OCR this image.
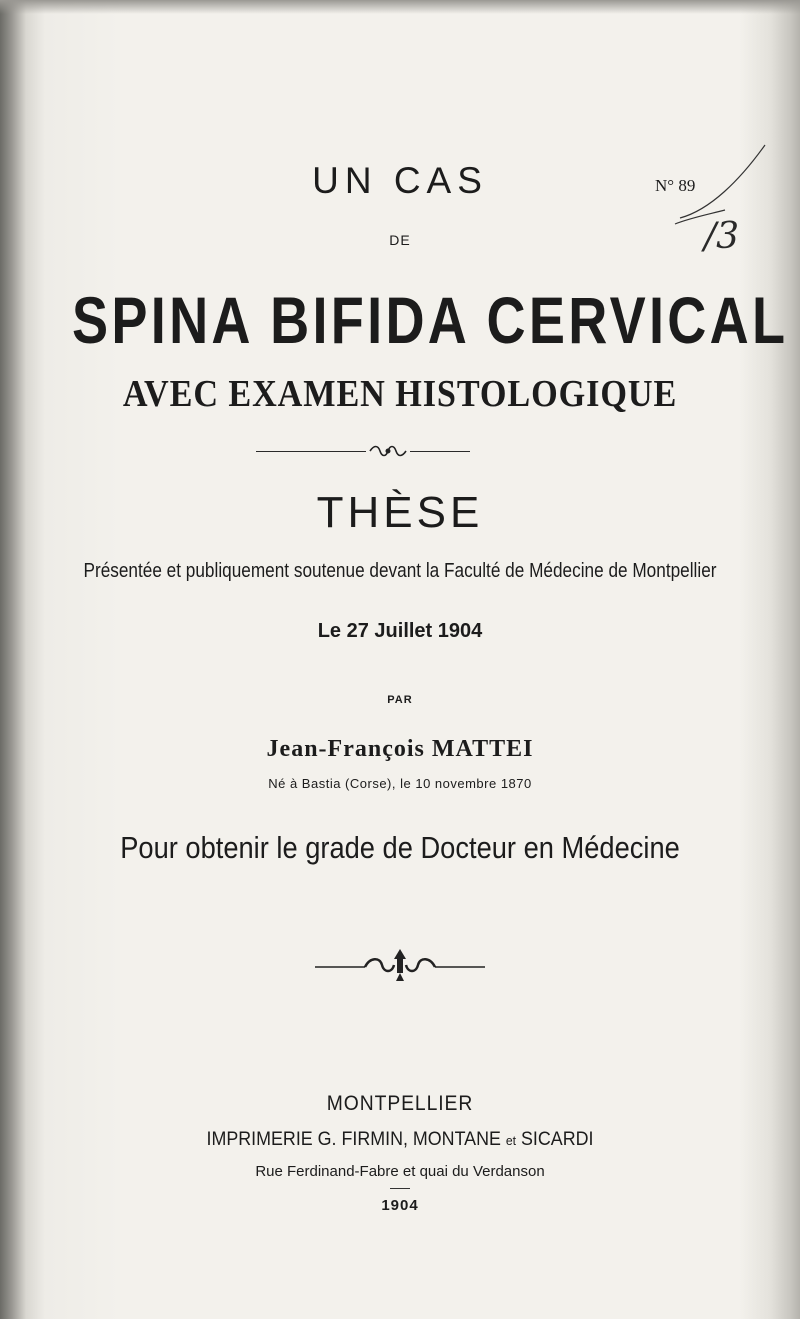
UN CAS
DE
N° 89
/3
SPINA BIFIDA CERVICAL
AVEC EXAMEN HISTOLOGIQUE
THÈSE
Présentée et publiquement soutenue devant la Faculté de Médecine de Montpellier
Le 27 Juillet 1904
PAR
Jean-François MATTEI
Né à Bastia (Corse), le 10 novembre 1870
Pour obtenir le grade de Docteur en Médecine
MONTPELLIER
IMPRIMERIE G. FIRMIN, MONTANE et SICARDI
Rue Ferdinand-Fabre et quai du Verdanson
1904
